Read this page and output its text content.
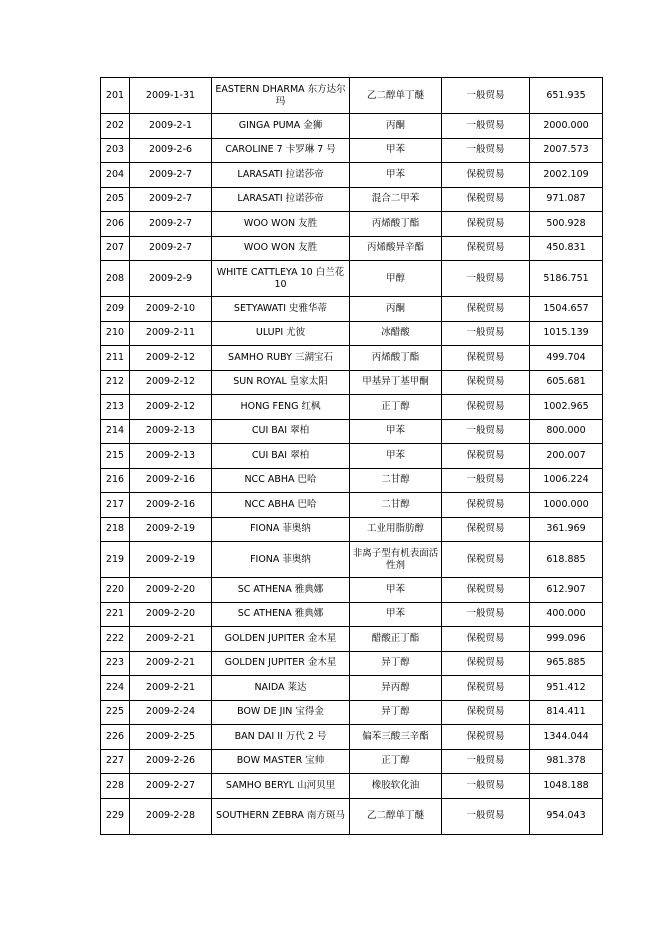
201	2009-1-31	EASTERN DHARMA 东方达尔玛	乙二醇单丁醚	一般贸易	651.935
202	2009-2-1	GINGA PUMA 金狮	丙酮	一般贸易	2000.000
203	2009-2-6	CAROLINE 7 卡罗琳 7 号	甲苯	一般贸易	2007.573
204	2009-2-7	LARASATI 拉诺莎帝	甲苯	保税贸易	2002.109
205	2009-2-7	LARASATI 拉诺莎帝	混合二甲苯	保税贸易	971.087
206	2009-2-7	WOO WON 友胜	丙烯酸丁酯	保税贸易	500.928
207	2009-2-7	WOO WON 友胜	丙烯酸异辛酯	保税贸易	450.831
208	2009-2-9	WHITE CATTLEYA 10 白兰花 10	甲醇	一般贸易	5186.751
209	2009-2-10	SETYAWATI 史雅华蒂	丙酮	保税贸易	1504.657
210	2009-2-11	ULUPI 尤彼	冰醋酸	一般贸易	1015.139
211	2009-2-12	SAMHO RUBY 三湖宝石	丙烯酸丁酯	保税贸易	499.704
212	2009-2-12	SUN ROYAL 皇家太阳	甲基异丁基甲酮	保税贸易	605.681
213	2009-2-12	HONG FENG 红枫	正丁醇	保税贸易	1002.965
214	2009-2-13	CUI BAI 翠柏	甲苯	一般贸易	800.000
215	2009-2-13	CUI BAI 翠柏	甲苯	保税贸易	200.007
216	2009-2-16	NCC ABHA 巴哈	二甘醇	一般贸易	1006.224
217	2009-2-16	NCC ABHA 巴哈	二甘醇	保税贸易	1000.000
218	2009-2-19	FIONA 菲奥纳	工业用脂肪醇	保税贸易	361.969
219	2009-2-19	FIONA 菲奥纳	非离子型有机表面活性剂	保税贸易	618.885
220	2009-2-20	SC ATHENA 雅典娜	甲苯	保税贸易	612.907
221	2009-2-20	SC ATHENA 雅典娜	甲苯	一般贸易	400.000
222	2009-2-21	GOLDEN JUPITER 金木星	醋酸正丁酯	保税贸易	999.096
223	2009-2-21	GOLDEN JUPITER 金木星	异丁醇	保税贸易	965.885
224	2009-2-21	NAIDA 莱达	异丙醇	保税贸易	951.412
225	2009-2-24	BOW DE JIN 宝得金	异丁醇	保税贸易	814.411
226	2009-2-25	BAN DAI II 万代 2 号	偏苯三酸三辛酯	保税贸易	1344.044
227	2009-2-26	BOW MASTER 宝帅	正丁醇	一般贸易	981.378
228	2009-2-27	SAMHO BERYL 山河贝里	橡胶软化油	一般贸易	1048.188
229	2009-2-28	SOUTHERN ZEBRA 南方斑马	乙二醇单丁醚	一般贸易	954.043
